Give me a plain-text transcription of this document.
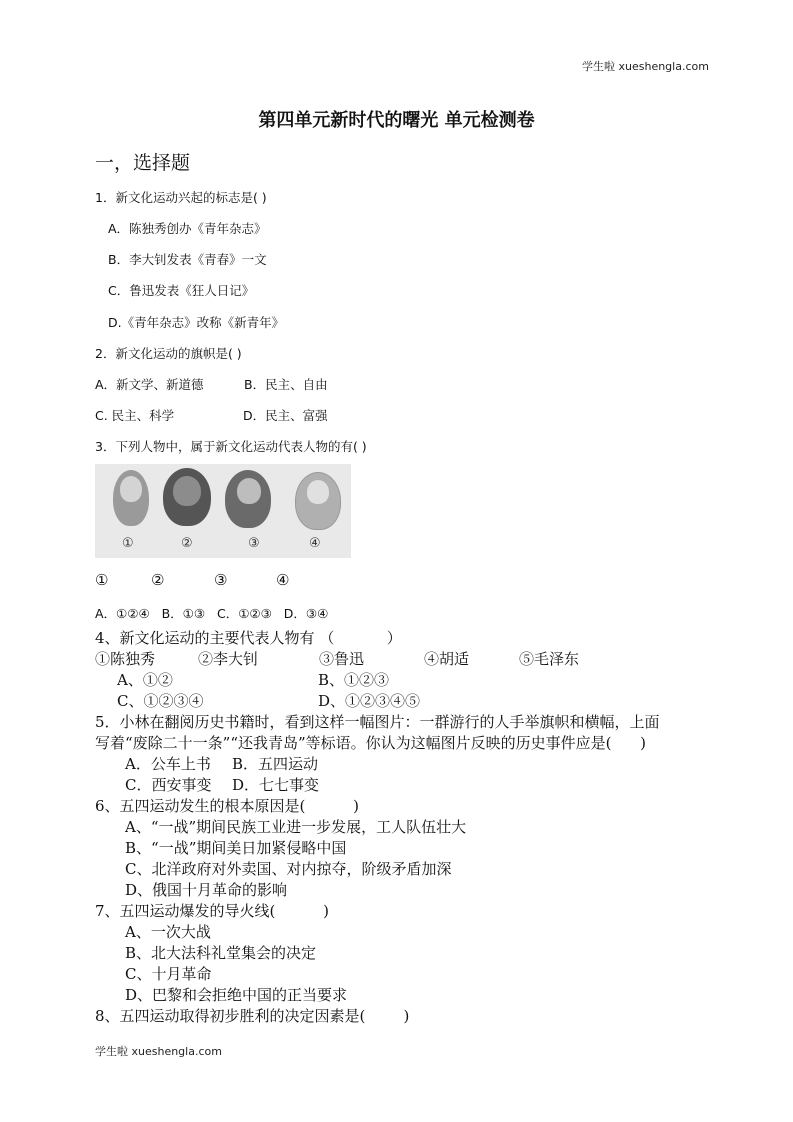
学生啦 xueshengla.com
第四单元新时代的曙光 单元检测卷
一，选择题
1．新文化运动兴起的标志是( )
A．陈独秀创办《青年杂志》
B．李大钊发表《青春》一文
C．鲁迅发表《狂人日记》
D.《青年杂志》改称《新青年》
2．新文化运动的旗帜是( )
A．新文学、新道德	B．民主、自由
C. 民主、科学	D．民主、富强
3．下列人物中，属于新文化运动代表人物的有( )
①	②	③	④
①	②	③	④
A．①②④   B．①③   C．①②③   D．③④
4、新文化运动的主要代表人物有 （           ）
①陈独秀	②李大钊	③鲁迅	④胡适	⑤毛泽东
A、①②	B、①②③
C、①②③④	D、①②③④⑤
5．小林在翻阅历史书籍时，看到这样一幅图片：一群游行的人手举旗帜和横幅，上面
写着“废除二十一条”“还我青岛”等标语。你认为这幅图片反映的历史事件应是(      )
A．公车上书 B．五四运动
C．西安事变 D．七七事变
6、五四运动发生的根本原因是(          )
A、“一战”期间民族工业进一步发展，工人队伍壮大
B、“一战”期间美日加紧侵略中国
C、北洋政府对外卖国、对内掠夺，阶级矛盾加深
D、俄国十月革命的影响
7、五四运动爆发的导火线(          )
A、一次大战
B、北大法科礼堂集会的决定
C、十月革命
D、巴黎和会拒绝中国的正当要求
8、五四运动取得初步胜利的决定因素是(        )
学生啦 xueshengla.com
